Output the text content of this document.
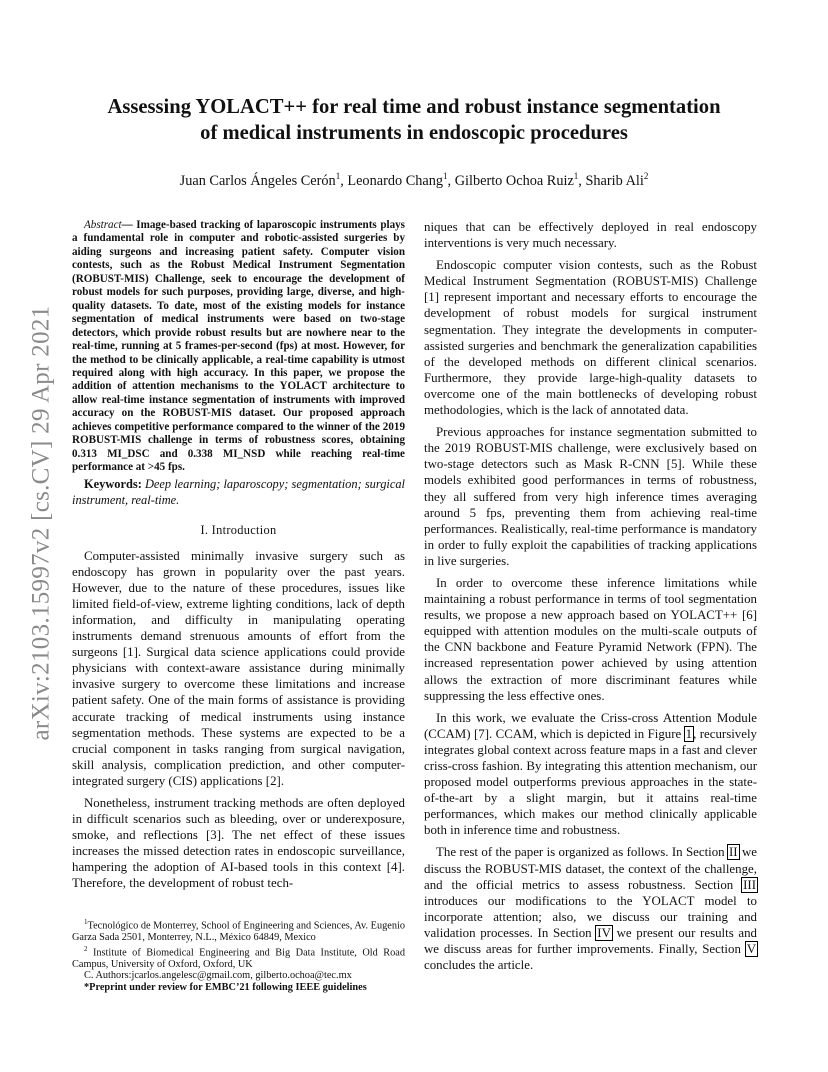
arXiv:2103.15997v2 [cs.CV] 29 Apr 2021
Assessing YOLACT++ for real time and robust instance segmentation
of medical instruments in endoscopic procedures
Juan Carlos Ángeles Cerón$^1$, Leonardo Chang$^1$, Gilberto Ochoa Ruiz$^1$, Sharib Ali$^2$

Abstract— Image-based tracking of laparoscopic instruments plays a fundamental role in computer and robotic-assisted surgeries by aiding surgeons and increasing patient safety. Computer vision contests, such as the Robust Medical Instrument Segmentation (ROBUST-MIS) Challenge, seek to encourage the development of robust models for such purposes, providing large, diverse, and high-quality datasets. To date, most of the existing models for instance segmentation of medical instruments were based on two-stage detectors, which provide robust results but are nowhere near to the real-time, running at 5 frames-per-second (fps) at most. However, for the method to be clinically applicable, a real-time capability is utmost required along with high accuracy. In this paper, we propose the addition of attention mechanisms to the YOLACT architecture to allow real-time instance segmentation of instruments with improved accuracy on the ROBUST-MIS dataset. Our proposed approach achieves competitive performance compared to the winner of the 2019 ROBUST-MIS challenge in terms of robustness scores, obtaining 0.313 MI_DSC and 0.338 MI_NSD while reaching real-time performance at >45 fps.

Keywords: Deep learning; laparoscopy; segmentation; surgical instrument, real-time.

I. Introduction

Computer-assisted minimally invasive surgery such as endoscopy has grown in popularity over the past years. However, due to the nature of these procedures, issues like limited field-of-view, extreme lighting conditions, lack of depth information, and difficulty in manipulating operating instruments demand strenuous amounts of effort from the surgeons [1]. Surgical data science applications could provide physicians with context-aware assistance during minimally invasive surgery to overcome these limitations and increase patient safety. One of the main forms of assistance is providing accurate tracking of medical instruments using instance segmentation methods. These systems are expected to be a crucial component in tasks ranging from surgical navigation, skill analysis, complication prediction, and other computer-integrated surgery (CIS) applications [2].

Nonetheless, instrument tracking methods are often deployed in difficult scenarios such as bleeding, over or underexposure, smoke, and reflections [3]. The net effect of these issues increases the missed detection rates in endoscopic surveillance, hampering the adoption of AI-based tools in this context [4]. Therefore, the development of robust tech-

niques that can be effectively deployed in real endoscopy interventions is very much necessary.

Endoscopic computer vision contests, such as the Robust Medical Instrument Segmentation (ROBUST-MIS) Challenge [1] represent important and necessary efforts to encourage the development of robust models for surgical instrument segmentation. They integrate the developments in computer-assisted surgeries and benchmark the generalization capabilities of the developed methods on different clinical scenarios. Furthermore, they provide large-high-quality datasets to overcome one of the main bottlenecks of developing robust methodologies, which is the lack of annotated data.

Previous approaches for instance segmentation submitted to the 2019 ROBUST-MIS challenge, were exclusively based on two-stage detectors such as Mask R-CNN [5]. While these models exhibited good performances in terms of robustness, they all suffered from very high inference times averaging around 5 fps, preventing them from achieving real-time performances. Realistically, real-time performance is mandatory in order to fully exploit the capabilities of tracking applications in live surgeries.

In order to overcome these inference limitations while maintaining a robust performance in terms of tool segmentation results, we propose a new approach based on YOLACT++ [6] equipped with attention modules on the multi-scale outputs of the CNN backbone and Feature Pyramid Network (FPN). The increased representation power achieved by using attention allows the extraction of more discriminant features while suppressing the less effective ones.

In this work, we evaluate the Criss-cross Attention Module (CCAM) [7]. CCAM, which is depicted in Figure 1, recursively integrates global context across feature maps in a fast and clever criss-cross fashion. By integrating this attention mechanism, our proposed model outperforms previous approaches in the state-of-the-art by a slight margin, but it attains real-time performances, which makes our method clinically applicable both in inference time and robustness.

The rest of the paper is organized as follows. In Section II we discuss the ROBUST-MIS dataset, the context of the challenge, and the official metrics to assess robustness. Section III introduces our modifications to the YOLACT model to incorporate attention; also, we discuss our training and validation processes. In Section IV we present our results and we discuss areas for further improvements. Finally, Section V concludes the article.

$^1$Tecnológico de Monterrey, School of Engineering and Sciences, Av. Eugenio Garza Sada 2501, Monterrey, N.L., México 64849, Mexico

$^2$ Institute of Biomedical Engineering and Big Data Institute, Old Road Campus, University of Oxford, Oxford, UK

C. Authors:jcarlos.angelesc@gmail.com, gilberto.ochoa@tec.mx

*Preprint under review for EMBC’21 following IEEE guidelines
